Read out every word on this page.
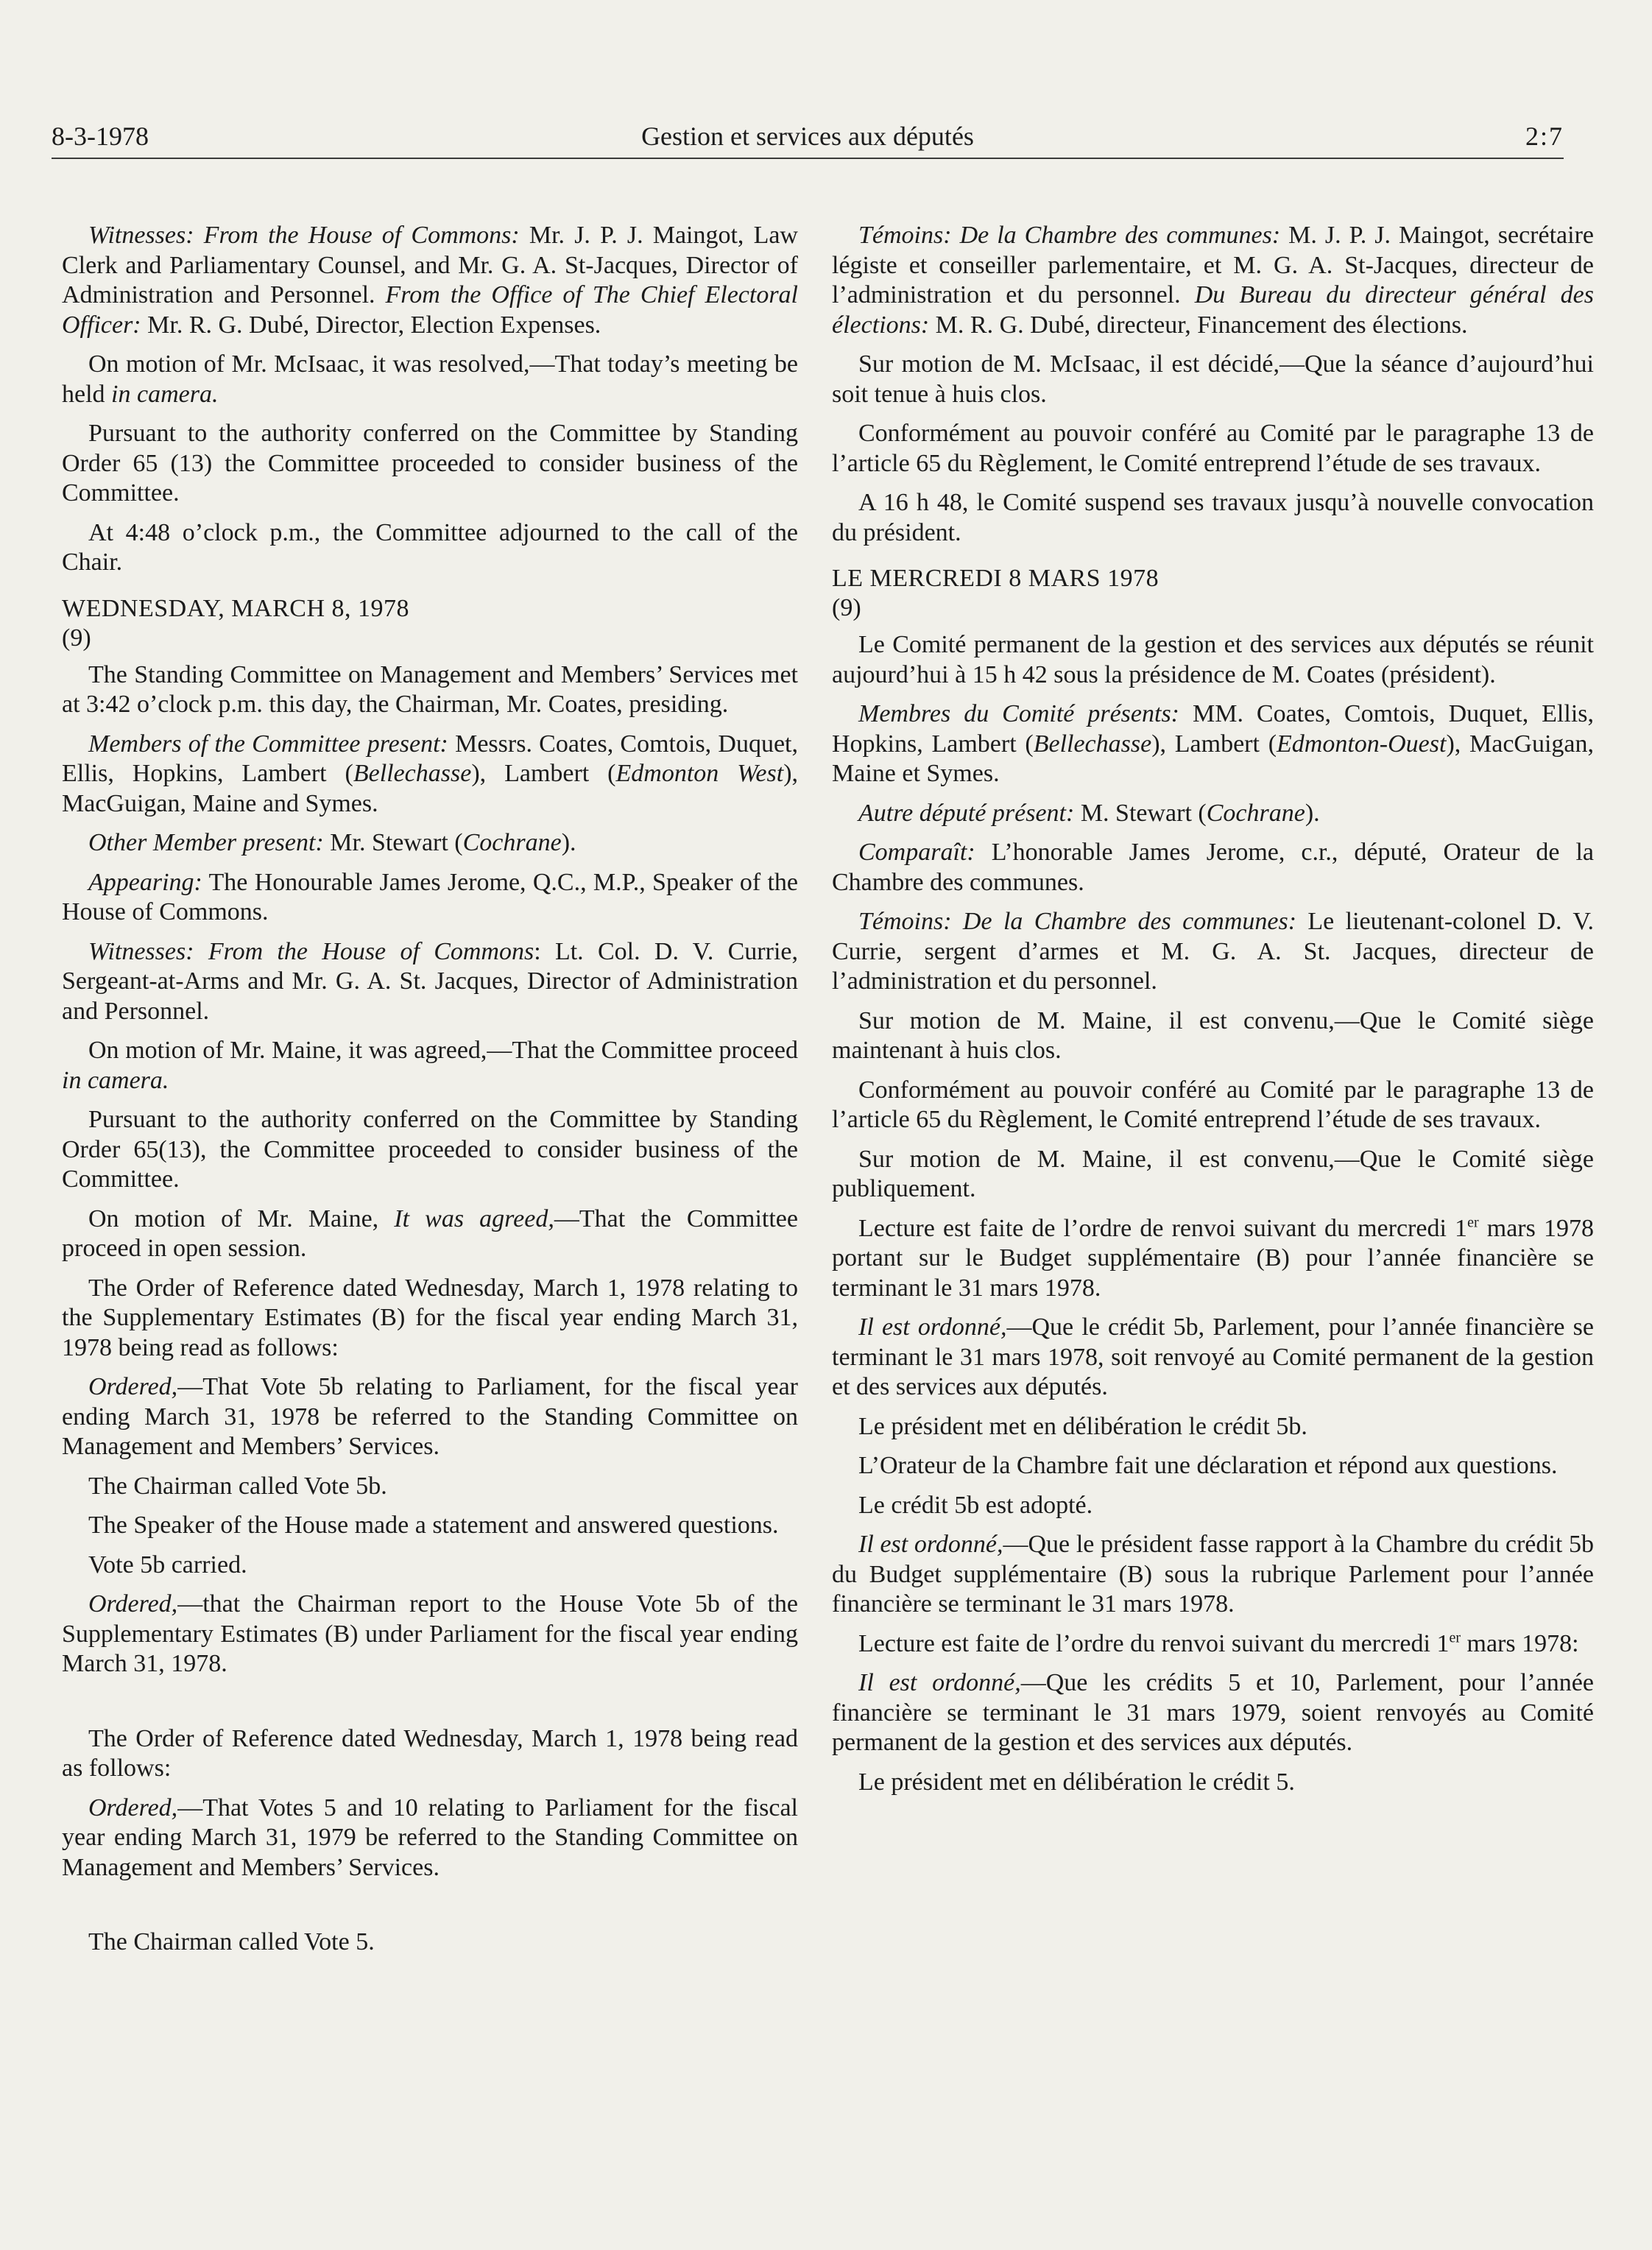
8-3-1978	Gestion et services aux députés	2:7

Witnesses: From the House of Commons: Mr. J. P. J. Maingot, Law Clerk and Parliamentary Counsel, and Mr. G. A. St-Jacques, Director of Administration and Personnel. From the Office of The Chief Electoral Officer: Mr. R. G. Dubé, Director, Election Expenses.

On motion of Mr. McIsaac, it was resolved,—That today’s meeting be held in camera.

Pursuant to the authority conferred on the Committee by Standing Order 65 (13) the Committee proceeded to consider business of the Committee.

At 4:48 o’clock p.m., the Committee adjourned to the call of the Chair.

WEDNESDAY, MARCH 8, 1978
(9)

The Standing Committee on Management and Members’ Services met at 3:42 o’clock p.m. this day, the Chairman, Mr. Coates, presiding.

Members of the Committee present: Messrs. Coates, Comtois, Duquet, Ellis, Hopkins, Lambert (Bellechasse), Lambert (Edmonton West), MacGuigan, Maine and Symes.

Other Member present: Mr. Stewart (Cochrane).

Appearing: The Honourable James Jerome, Q.C., M.P., Speaker of the House of Commons.

Witnesses: From the House of Commons: Lt. Col. D. V. Currie, Sergeant-at-Arms and Mr. G. A. St. Jacques, Director of Administration and Personnel.

On motion of Mr. Maine, it was agreed,—That the Committee proceed in camera.

Pursuant to the authority conferred on the Committee by Standing Order 65(13), the Committee proceeded to consider business of the Committee.

On motion of Mr. Maine, It was agreed,—That the Committee proceed in open session.

The Order of Reference dated Wednesday, March 1, 1978 relating to the Supplementary Estimates (B) for the fiscal year ending March 31, 1978 being read as follows:

Ordered,—That Vote 5b relating to Parliament, for the fiscal year ending March 31, 1978 be referred to the Standing Committee on Management and Members’ Services.

The Chairman called Vote 5b.

The Speaker of the House made a statement and answered questions.

Vote 5b carried.

Ordered,—that the Chairman report to the House Vote 5b of the Supplementary Estimates (B) under Parliament for the fiscal year ending March 31, 1978.

The Order of Reference dated Wednesday, March 1, 1978 being read as follows:

Ordered,—That Votes 5 and 10 relating to Parliament for the fiscal year ending March 31, 1979 be referred to the Standing Committee on Management and Members’ Services.

The Chairman called Vote 5.

Témoins: De la Chambre des communes: M. J. P. J. Maingot, secrétaire légiste et conseiller parlementaire, et M. G. A. St-Jacques, directeur de l’administration et du personnel. Du Bureau du directeur général des élections: M. R. G. Dubé, directeur, Financement des élections.

Sur motion de M. McIsaac, il est décidé,—Que la séance d’aujourd’hui soit tenue à huis clos.

Conformément au pouvoir conféré au Comité par le paragraphe 13 de l’article 65 du Règlement, le Comité entreprend l’étude de ses travaux.

A 16 h 48, le Comité suspend ses travaux jusqu’à nouvelle convocation du président.

LE MERCREDI 8 MARS 1978
(9)

Le Comité permanent de la gestion et des services aux députés se réunit aujourd’hui à 15 h 42 sous la présidence de M. Coates (président).

Membres du Comité présents: MM. Coates, Comtois, Duquet, Ellis, Hopkins, Lambert (Bellechasse), Lambert (Edmonton-Ouest), MacGuigan, Maine et Symes.

Autre député présent: M. Stewart (Cochrane).

Comparaît: L’honorable James Jerome, c.r., député, Orateur de la Chambre des communes.

Témoins: De la Chambre des communes: Le lieutenant-colonel D. V. Currie, sergent d’armes et M. G. A. St. Jacques, directeur de l’administration et du personnel.

Sur motion de M. Maine, il est convenu,—Que le Comité siège maintenant à huis clos.

Conformément au pouvoir conféré au Comité par le paragraphe 13 de l’article 65 du Règlement, le Comité entreprend l’étude de ses travaux.

Sur motion de M. Maine, il est convenu,—Que le Comité siège publiquement.

Lecture est faite de l’ordre de renvoi suivant du mercredi 1er mars 1978 portant sur le Budget supplémentaire (B) pour l’année financière se terminant le 31 mars 1978.

Il est ordonné,—Que le crédit 5b, Parlement, pour l’année financière se terminant le 31 mars 1978, soit renvoyé au Comité permanent de la gestion et des services aux députés.

Le président met en délibération le crédit 5b.

L’Orateur de la Chambre fait une déclaration et répond aux questions.

Le crédit 5b est adopté.

Il est ordonné,—Que le président fasse rapport à la Chambre du crédit 5b du Budget supplémentaire (B) sous la rubrique Parlement pour l’année financière se terminant le 31 mars 1978.

Lecture est faite de l’ordre du renvoi suivant du mercredi 1er mars 1978:

Il est ordonné,—Que les crédits 5 et 10, Parlement, pour l’année financière se terminant le 31 mars 1979, soient renvoyés au Comité permanent de la gestion et des services aux députés.

Le président met en délibération le crédit 5.
